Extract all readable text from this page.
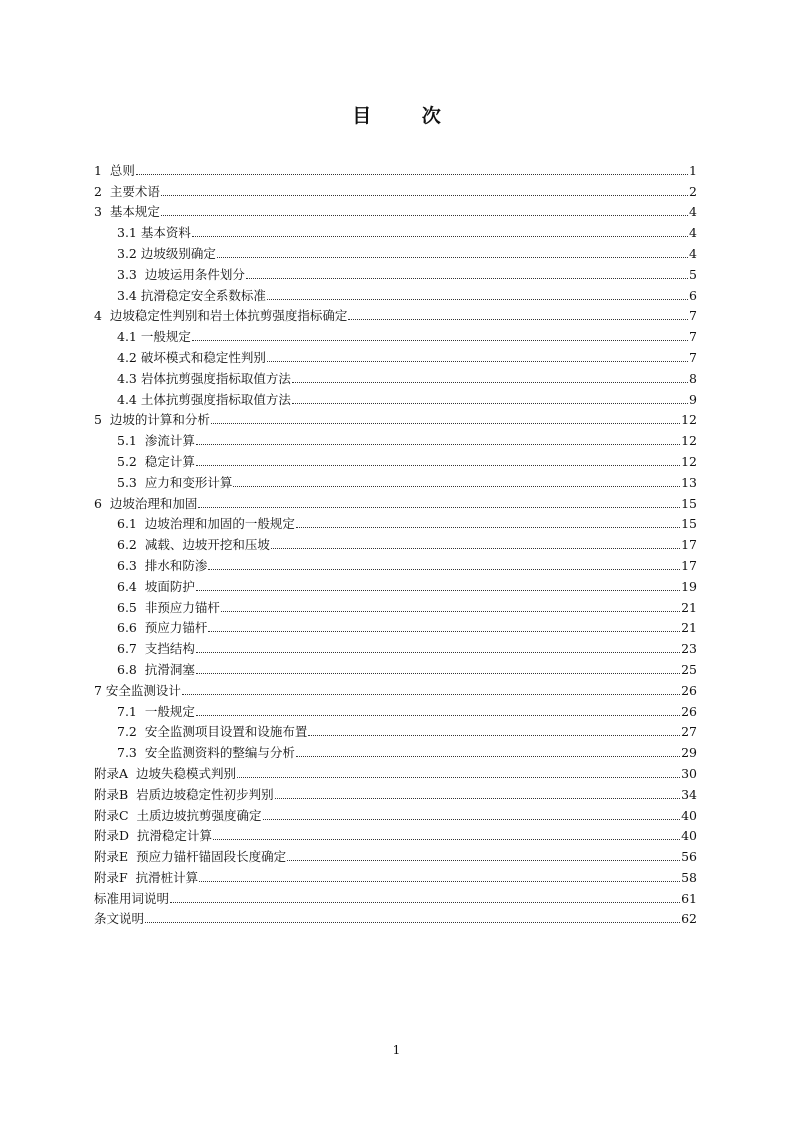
目 次
1  总则	1
2  主要术语	2
3  基本规定	4
3.1 基本资料	4
3.2 边坡级别确定	4
3.3  边坡运用条件划分	5
3.4 抗滑稳定安全系数标准	6
4  边坡稳定性判别和岩土体抗剪强度指标确定	7
4.1 一般规定	7
4.2 破坏模式和稳定性判别	7
4.3 岩体抗剪强度指标取值方法	8
4.4 土体抗剪强度指标取值方法	9
5  边坡的计算和分析	12
5.1  渗流计算	12
5.2  稳定计算	12
5.3  应力和变形计算	13
6  边坡治理和加固	15
6.1  边坡治理和加固的一般规定	15
6.2  减载、边坡开挖和压坡	17
6.3  排水和防渗	17
6.4  坡面防护	19
6.5  非预应力锚杆	21
6.6  预应力锚杆	21
6.7  支挡结构	23
6.8  抗滑洞塞	25
7 安全监测设计	26
7.1  一般规定	26
7.2  安全监测项目设置和设施布置	27
7.3  安全监测资料的整编与分析	29
附录A  边坡失稳模式判别	30
附录B  岩质边坡稳定性初步判别	34
附录C  土质边坡抗剪强度确定	40
附录D  抗滑稳定计算	40
附录E  预应力锚杆锚固段长度确定	56
附录F  抗滑桩计算	58
标准用词说明	61
条文说明	62
1
